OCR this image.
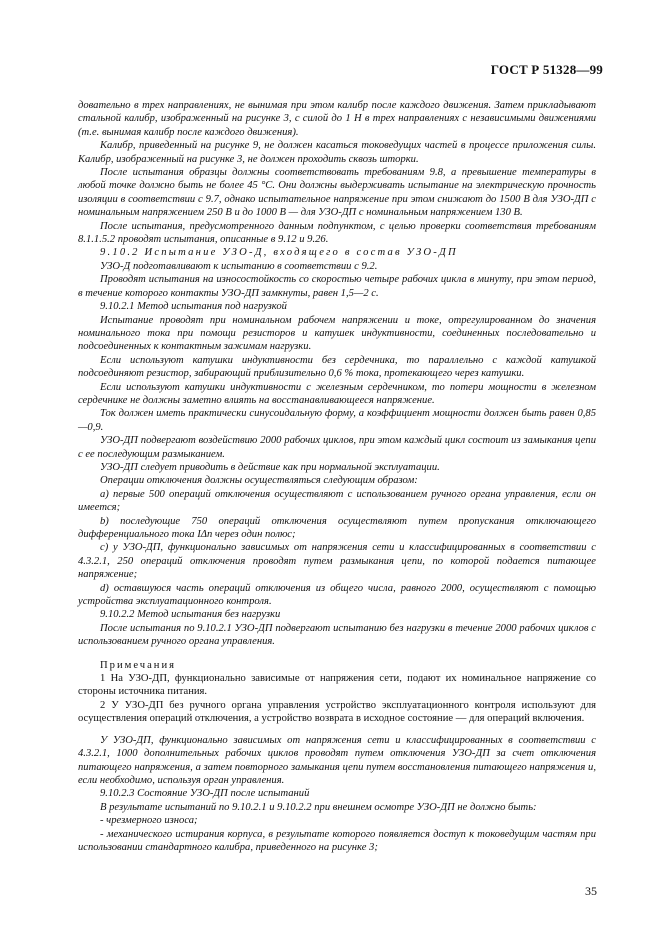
ГОСТ Р 51328—99

довательно в трех направлениях, не вынимая при этом калибр после каждого движения. Затем прикладывают стальной калибр, изображенный на рисунке 3, с силой до 1 Н в трех направлениях с независимыми движениями (т.е. вынимая калибр после каждого движения).

Калибр, приведенный на рисунке 9, не должен касаться токоведущих частей в процессе приложения силы. Калибр, изображенный на рисунке 3, не должен проходить сквозь шторки.

После испытания образцы должны соответствовать требованиям 9.8, а превышение температуры в любой точке должно быть не более 45 °С. Они должны выдерживать испытание на электрическую прочность изоляции в соответствии с 9.7, однако испытательное напряжение при этом снижают до 1500 В для УЗО-ДП с номинальным напряжением 250 В и до 1000 В — для УЗО-ДП с номинальным напряжением 130 В.

После испытания, предусмотренного данным подпунктом, с целью проверки соответствия требованиям 8.1.1.5.2 проводят испытания, описанные в 9.12 и 9.26.

9.10.2 Испытание УЗО-Д, входящего в состав УЗО-ДП

УЗО-Д подготавливают к испытанию в соответствии с 9.2.

Проводят испытания на износостойкость со скоростью четыре рабочих цикла в минуту, при этом период, в течение которого контакты УЗО-ДП замкнуты, равен 1,5—2 с.

9.10.2.1 Метод испытания под нагрузкой

Испытание проводят при номинальном рабочем напряжении и токе, отрегулированном до значения номинального тока при помощи резисторов и катушек индуктивности, соединенных последовательно и подсоединенных к контактным зажимам нагрузки.

Если используют катушки индуктивности без сердечника, то параллельно с каждой катушкой подсоединяют резистор, забирающий приблизительно 0,6 % тока, протекающего через катушки.

Если используют катушки индуктивности с железным сердечником, то потери мощности в железном сердечнике не должны заметно влиять на восстанавливающееся напряжение.

Ток должен иметь практически синусоидальную форму, а коэффициент мощности должен быть равен 0,85—0,9.

УЗО-ДП подвергают воздействию 2000 рабочих циклов, при этом каждый цикл состоит из замыкания цепи с ее последующим размыканием.

УЗО-ДП следует приводить в действие как при нормальной эксплуатации.

Операции отключения должны осуществляться следующим образом:

а) первые 500 операций отключения осуществляют с использованием ручного органа управления, если он имеется;

b) последующие 750 операций отключения осуществляют путем пропускания отключающего дифференциального тока IΔn через один полюс;

c) у УЗО-ДП, функционально зависимых от напряжения сети и классифицированных в соответствии с 4.3.2.1, 250 операций отключения проводят путем размыкания цепи, по которой подается питающее напряжение;

d) оставшуюся часть операций отключения из общего числа, равного 2000, осуществляют с помощью устройства эксплуатационного контроля.

9.10.2.2 Метод испытания без нагрузки

После испытания по 9.10.2.1 УЗО-ДП подвергают испытанию без нагрузки в течение 2000 рабочих циклов с использованием ручного органа управления.

Примечания

1 На УЗО-ДП, функционально зависимые от напряжения сети, подают их номинальное напряжение со стороны источника питания.

2 У УЗО-ДП без ручного органа управления устройство эксплуатационного контроля используют для осуществления операций отключения, а устройство возврата в исходное состояние — для операций включения.

У УЗО-ДП, функционально зависимых от напряжения сети и классифицированных в соответствии с 4.3.2.1, 1000 дополнительных рабочих циклов проводят путем отключения УЗО-ДП за счет отключения питающего напряжения, а затем повторного замыкания цепи путем восстановления питающего напряжения и, если необходимо, используя орган управления.

9.10.2.3 Состояние УЗО-ДП после испытаний

В результате испытаний по 9.10.2.1 и 9.10.2.2 при внешнем осмотре УЗО-ДП не должно быть:

- чрезмерного износа;

- механического истирания корпуса, в результате которого появляется доступ к токоведущим частям при использовании стандартного калибра, приведенного на рисунке 3;

35
